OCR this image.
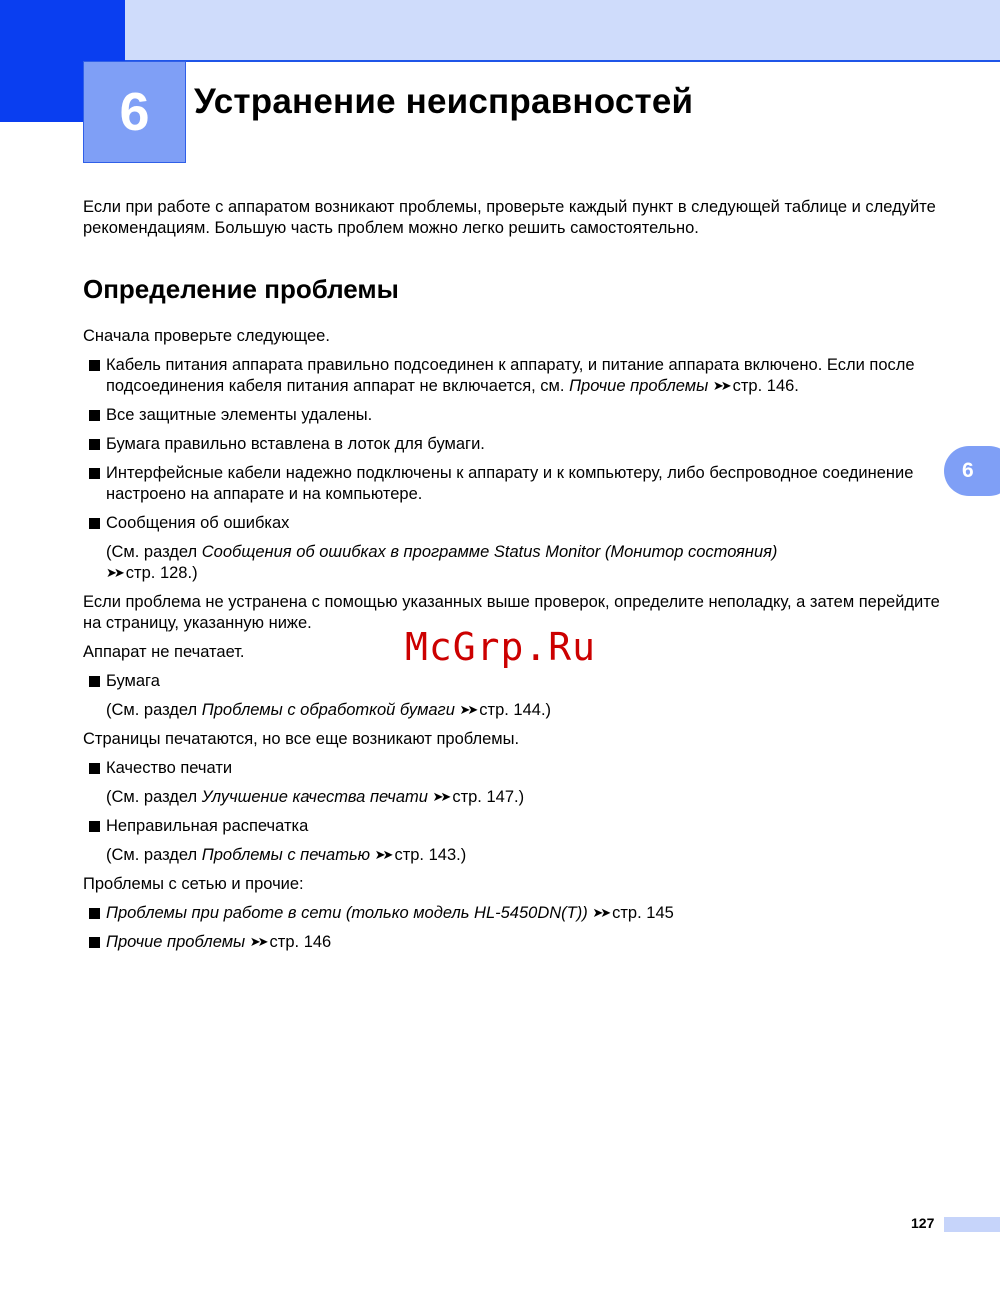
6	Устранение неисправностей
6

Если при работе с аппаратом возникают проблемы, проверьте каждый пункт в следующей таблице и следуйте рекомендациям. Большую часть проблем можно легко решить самостоятельно.

Определение проблемы

Сначала проверьте следующее.

Кабель питания аппарата правильно подсоединен к аппарату, и питание аппарата включено. Если после подсоединения кабеля питания аппарат не включается, см. Прочие проблемы ➤➤ стр. 146.
Все защитные элементы удалены.
Бумага правильно вставлена в лоток для бумаги.
Интерфейсные кабели надежно подключены к аппарату и к компьютеру, либо беспроводное соединение настроено на аппарате и на компьютере.
Сообщения об ошибках
(См. раздел Сообщения об ошибках в программе Status Monitor (Монитор состояния)
➤➤ стр. 128.)

Если проблема не устранена с помощью указанных выше проверок, определите неполадку, а затем перейдите на страницу, указанную ниже.

Аппарат не печатает.

Бумага
(См. раздел Проблемы с обработкой бумаги ➤➤ стр. 144.)

Страницы печатаются, но все еще возникают проблемы.

Качество печати
(См. раздел Улучшение качества печати ➤➤ стр. 147.)
Неправильная распечатка
(См. раздел Проблемы с печатью ➤➤ стр. 143.)

Проблемы с сетью и прочие:

Проблемы при работе в сети (только модель HL-5450DN(T)) ➤➤ стр. 145
Прочие проблемы ➤➤ стр. 146
McGrp.Ru
127
